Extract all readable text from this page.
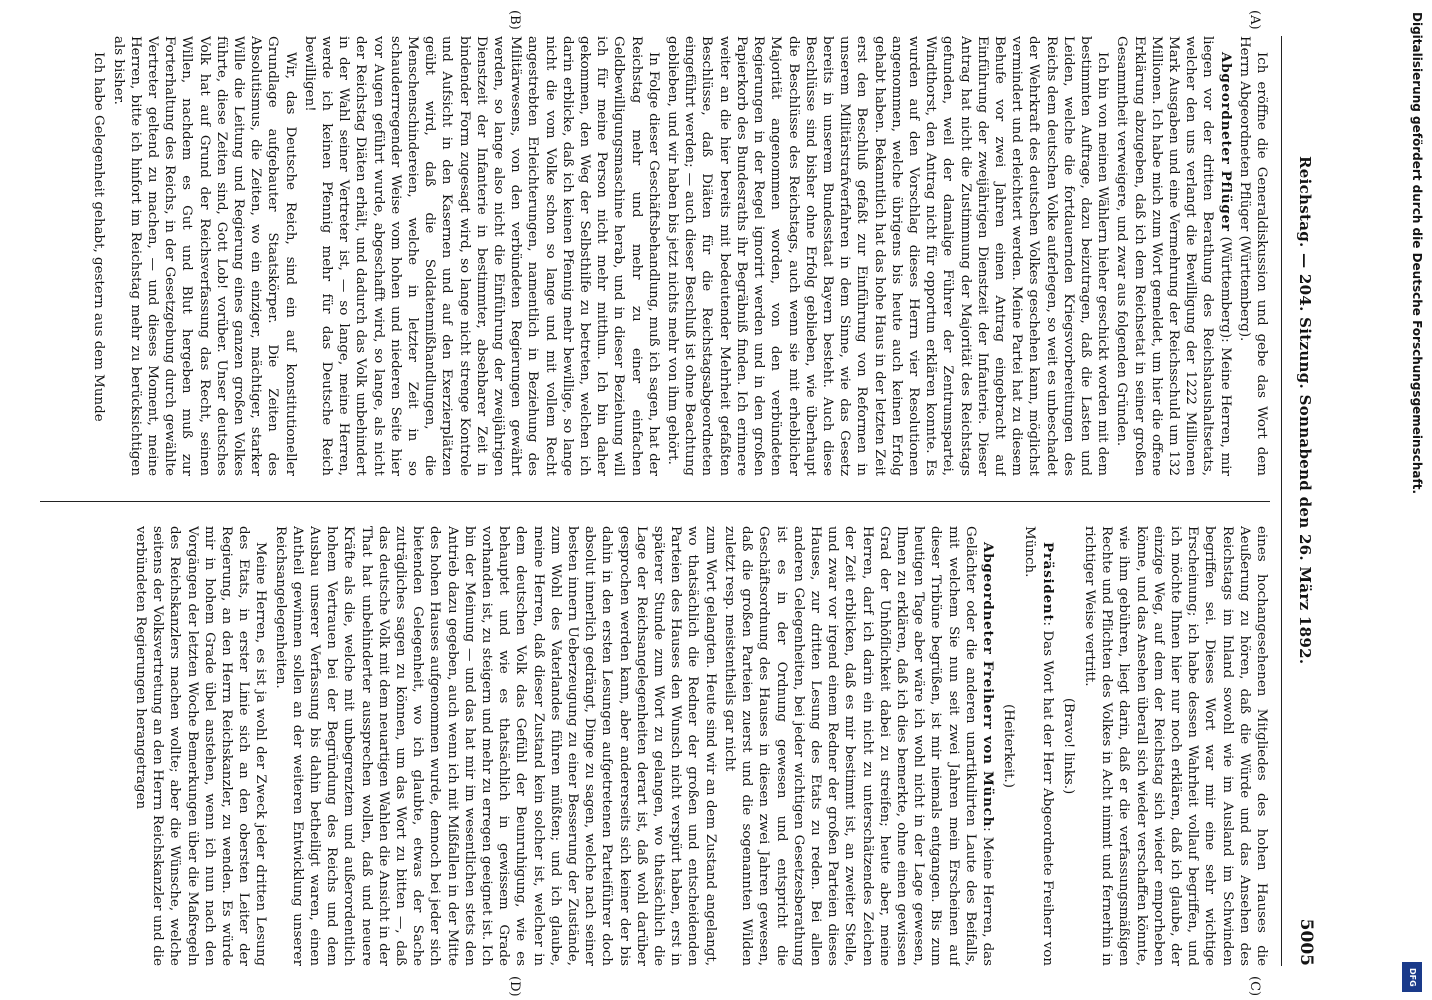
Reichstag. — 204. Sitzung. Sonnabend den 26. März 1892.
5005
(A)
(B)
(C)
(D)

Ich eröffne die Generaldiskussion und gebe das Wort dem Herrn Abgeordneten Pflüger (Württemberg).

Abgeordneter Pflüger (Württemberg): Meine Herren, mir liegen vor der dritten Berathung des Reichshaushaltsetats, welcher den uns verlangt die Bewilligung der 1222 Millionen Mark Ausgaben und eine Vermehrung der Reichsschuld um 132 Millionen. Ich habe mich zum Wort gemeldet, um hier die offene Erklärung abzugeben, daß ich dem Reichsetat in seiner großen Gesammtheit verweigere, und zwar aus folgenden Gründen.

Ich bin von meinen Wählern hieher geschickt worden mit dem bestimmten Auftrage, dazu beizutragen, daß die Lasten und Leiden, welche die fortdauernden Kriegsvorbereitungen des Reichs dem deutschen Volke auferlegen, so weit es unbeschadet der Wehrkraft des deutschen Volkes geschehen kann, möglichst vermindert und erleichtert werden. Meine Partei hat zu diesem Behufe vor zwei Jahren einen Antrag eingebracht auf Einführung der zweijährigen Dienstzeit der Infanterie. Dieser Antrag hat nicht die Zustimmung der Majorität des Reichstags gefunden, weil der damalige Führer der Zentrumspartei, Windthorst, den Antrag nicht für opportun erklären konnte. Es wurden auf den Vorschlag dieses Herrn vier Resolutionen angenommen, welche übrigens bis heute auch keinen Erfolg gehabt haben. Bekanntlich hat das hohe Haus in der letzten Zeit erst den Beschluß gefaßt zur Einführung von Reformen in unserem Militärstrafverfahren in dem Sinne, wie das Gesetz bereits in unserem Bundesstaat Bayern besteht. Auch diese Beschlüsse sind bisher ohne Erfolg geblieben, wie überhaupt die Beschlüsse des Reichstags, auch wenn sie mit erheblicher Majorität angenommen worden, von den verbündeten Regierungen in der Regel ignorirt werden und in den großen Papierkorb des Bundesraths ihr Begräbniß finden. Ich erinnere weiter an die hier bereits mit bedeutender Mehrheit gefaßten Beschlüsse, daß Diäten für die Reichstagsabgeordneten eingeführt werden; — auch dieser Beschluß ist ohne Beachtung geblieben, und wir haben bis jetzt nichts mehr von ihm gehört.

In Folge dieser Geschäftsbehandlung, muß ich sagen, hat der Reichstag mehr und mehr zu einer einfachen Geldbewilligungsmaschine herab, und in dieser Beziehung will ich für meine Person nicht mehr mitthun. Ich bin daher gekommen, den Weg der Selbsthilfe zu betreten, welchen ich darin erblicke, daß ich keinen Pfennig mehr bewillige, so lange nicht die vom Volke schon so lange und mit vollem Recht angestrebten Erleichterungen, namentlich in Beziehung des Militärwesens, von den verbündeten Regierungen gewährt werden, so lange also nicht die Einführung der zweijährigen Dienstzeit der Infanterie in bestimmter, absehbarer Zeit in bindender Form zugesagt wird, so lange nicht strenge Kontrole und Aufsicht in den Kasernen und auf den Exerzierplätzen geübt wird, daß die Soldatenmißhandlungen, die Menschenschindereien, welche in letzter Zeit in so schauderrregender Weise vom hohen und niederen Seite hier vor Augen geführt wurde, abgeschafft wird, so lange, als nicht der Reichstag Diäten erhält, und dadurch das Volk unbehindert in der Wahl seiner Vertreter ist, — so lange, meine Herren, werde ich keinen Pfennig mehr für das Deutsche Reich bewilligen!

Wir, das Deutsche Reich, sind ein auf konstitutioneller Grundlage aufgebauter Staatskörper. Die Zeiten des Absolutismus, die Zeiten, wo ein einziger, mächtiger, starker Wille die Leitung und Regierung eines ganzen großen Volkes führte, diese Zeiten sind, Gott Lob! vorüber. Unser deutsches Volk hat auf Grund der Reichsverfassung das Recht, seinen Willen, nachdem es Gut und Blut hergeben muß zur Forterhaltung des Reichs, in der Gesetzgebung durch gewählte Vertreter geltend zu machen, — und dieses Moment, meine Herren, bitte ich hinfort im Reichstag mehr zu berücksichtigen als bisher.

Ich habe Gelegenheit gehabt, gestern aus dem Munde

eines hochangesehenen Mitgliedes des hohen Hauses die Aeußerung zu hören, daß die Würde und das Ansehen des Reichstags im Inland sowohl wie im Ausland im Schwinden begriffen sei. Dieses Wort war mir eine sehr wichtige Erscheinung; ich habe dessen Wahrheit vollauf begriffen, und ich möchte Ihnen hier nur noch erklären, daß ich glaube, der einzige Weg, auf dem der Reichstag sich wieder emporheben könne, und das Ansehen überall sich wieder verschaffen könnte, wie ihm gebühren, liegt darin, daß er die verfassungsmäßigen Rechte und Pflichten des Volkes in Acht nimmt und fernerhin in richtiger Weise vertritt.

(Bravo! links.)

Präsident: Das Wort hat der Herr Abgeordnete Freiherr von Münch.

(Heiterkeit.)

Abgeordneter Freiherr von Münch: Meine Herren, das Gelächter oder die anderen unartikulirten Laute des Beifalls, mit welchem Sie nun seit zwei Jahren mein Erscheinen auf dieser Tribüne begrüßen, ist mir niemals entgangen. Bis zum heutigen Tage aber wäre ich wohl nicht in der Lage gewesen, Ihnen zu erklären, daß ich dies bemerkte, ohne einen gewissen Grad der Unhöflichkeit dabei zu streifen; heute aber, meine Herren, darf ich darin ein nicht zu unterschätzendes Zeichen der Zeit erblicken, daß es mir bestimmt ist, an zweiter Stelle, und zwar vor irgend einem Redner der großen Parteien dieses Hauses, zur dritten Lesung des Etats zu reden. Bei allen anderen Gelegenheiten, bei jeder wichtigen Gesetzesberathung ist es in der Ordnung gewesen und entspricht die Geschäftsordnung des Hauses in diesen zwei Jahren gewesen, daß die großen Parteien zuerst und die sogenannten Wilden zuletzt resp. meistentheils gar nicht

zum Wort gelangten. Heute sind wir an dem Zustand angelangt, wo thatsächlich die Redner der großen und entscheidenden Parteien des Hauses den Wunsch nicht verspürt haben, erst in späterer Stunde zum Wort zu gelangen, wo thatsächlich die Lage der Reichsangelegenheiten derart ist, daß wohl darüber gesprochen werden kann, aber andererseits sich keiner der bis dahin in den ersten Lesungen aufgetretenen Parteiführer doch absolut innerlich gedrängt, Dinge zu sagen, welche nach seiner besten innern Ueberzeugung zu einer Besserung der Zustände, zum Wohl des Vaterlandes führen müßten; und ich glaube, meine Herren, daß dieser Zustand kein solcher ist, welcher in dem deutschen Volk das Gefühl der Beunruhigung, wie es behauptet und wie es thatsächlich in gewissem Grade vorhanden ist, zu steigern und mehr zu erregen geeignet ist. Ich bin der Meinung — und das hat mir im wesentlichen stets den Antrieb dazu gegeben, auch wenn ich mit Mißfallen in der Mitte des hohen Hauses aufgenommen wurde, dennoch bei jeder sich bietenden Gelegenheit, wo ich glaubte, etwas der Sache zuträgliches sagen zu können, um das Wort zu bitten —, daß das deutsche Volk mit dem neuartigen Wahlen die Ansicht in der That hat unbehinderter aussprechen wollen, daß und neuere Kräfte als die, welche mit unbegrenztem und außerordentlich hohem Vertrauen bei der Begründung des Reichs und dem Ausbau unserer Verfassung bis dahin betheiligt waren, einen Antheil gewinnen sollen an der weiteren Entwicklung unserer Reichsangelegenheiten.

Meine Herren, es ist ja wohl der Zweck jeder dritten Lesung des Etats, in erster Linie sich an den obersten Leiter der Regierung, an den Herrn Reichskanzler, zu wenden. Es würde mir in hohem Grade übel anstehen, wenn ich nun nach den Vorgängen der letzten Woche Bemerkungen über die Maßregeln des Reichskanzlers machen wollte; aber die Wünsche, welche seitens der Volksvertretung an den Herrn Reichskanzler und die verbündeten Regierungen herangetragen

Digitalisierung gefördert durch die Deutsche Forschungsgemeinschaft.
DFG
